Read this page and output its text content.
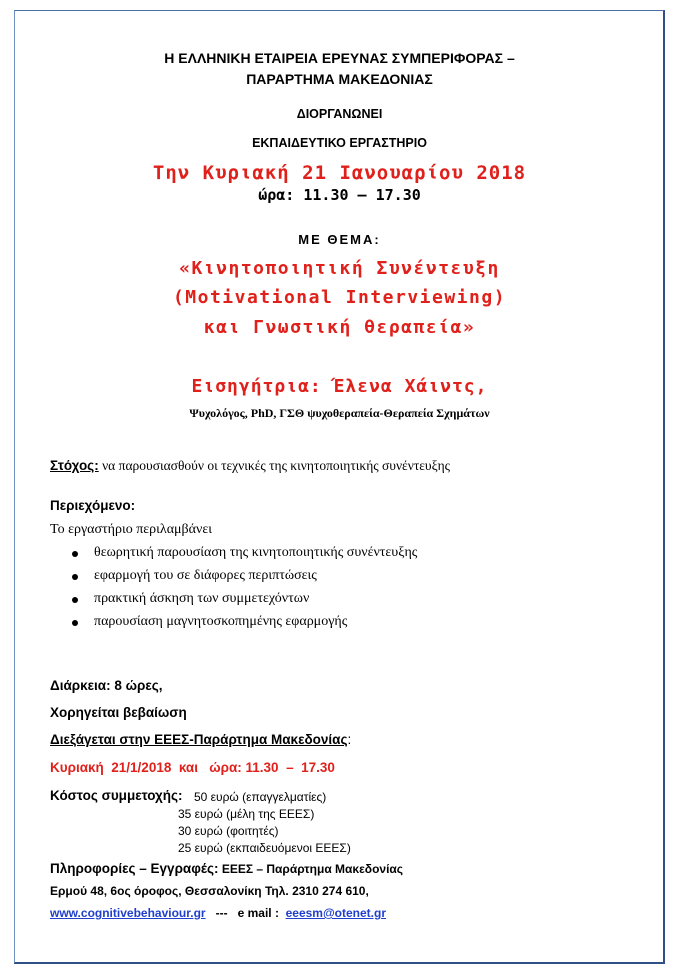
Η ΕΛΛΗΝΙΚΗ ΕΤΑΙΡΕΙΑ ΕΡΕΥΝΑΣ ΣΥΜΠΕΡΙΦΟΡΑΣ –
ΠΑΡΑΡΤΗΜΑ ΜΑΚΕΔΟΝΙΑΣ
ΔΙΟΡΓΑΝΩΝΕΙ
ΕΚΠΑΙΔΕΥΤΙΚΟ ΕΡΓΑΣΤΗΡΙΟ
Την Κυριακή 21 Ιανουαρίου 2018
ώρα: 11.30 – 17.30
ΜΕ ΘΕΜΑ:
«Κινητοποιητική Συνέντευξη
(Motivational Interviewing)
και Γνωστική θεραπεία»
Εισηγήτρια: Έλενα Χάιντς,
Ψυχολόγος, PhD, ΓΣΘ ψυχοθεραπεία-Θεραπεία Σχημάτων
Στόχος: να παρουσιασθούν οι τεχνικές της κινητοποιητικής συνέντευξης
Περιεχόμενο:
Το εργαστήριο περιλαμβάνει
θεωρητική παρουσίαση της κινητοποιητικής συνέντευξης
εφαρμογή του σε διάφορες περιπτώσεις
πρακτική άσκηση των συμμετεχόντων
παρουσίαση μαγνητοσκοπημένης εφαρμογής
Διάρκεια: 8 ώρες,
Χορηγείται βεβαίωση
Διεξάγεται στην ΕΕΕΣ-Παράρτημα Μακεδονίας:
Κυριακή  21/1/2018  και   ώρα: 11.30  –  17.30
Κόστος συμμετοχής: 50 ευρώ (επαγγελματίες)
35 ευρώ (μέλη της ΕΕΕΣ)
30 ευρώ (φοιτητές)
25 ευρώ (εκπαιδευόμενοι ΕΕΕΣ)
Πληροφορίες – Εγγραφές: ΕΕΕΣ – Παράρτημα Μακεδονίας
Ερμού 48, 6ος όροφος, Θεσσαλονίκη Τηλ. 2310 274 610,
www.cognitivebehaviour.gr   ---   e mail :  eeesm@otenet.gr
